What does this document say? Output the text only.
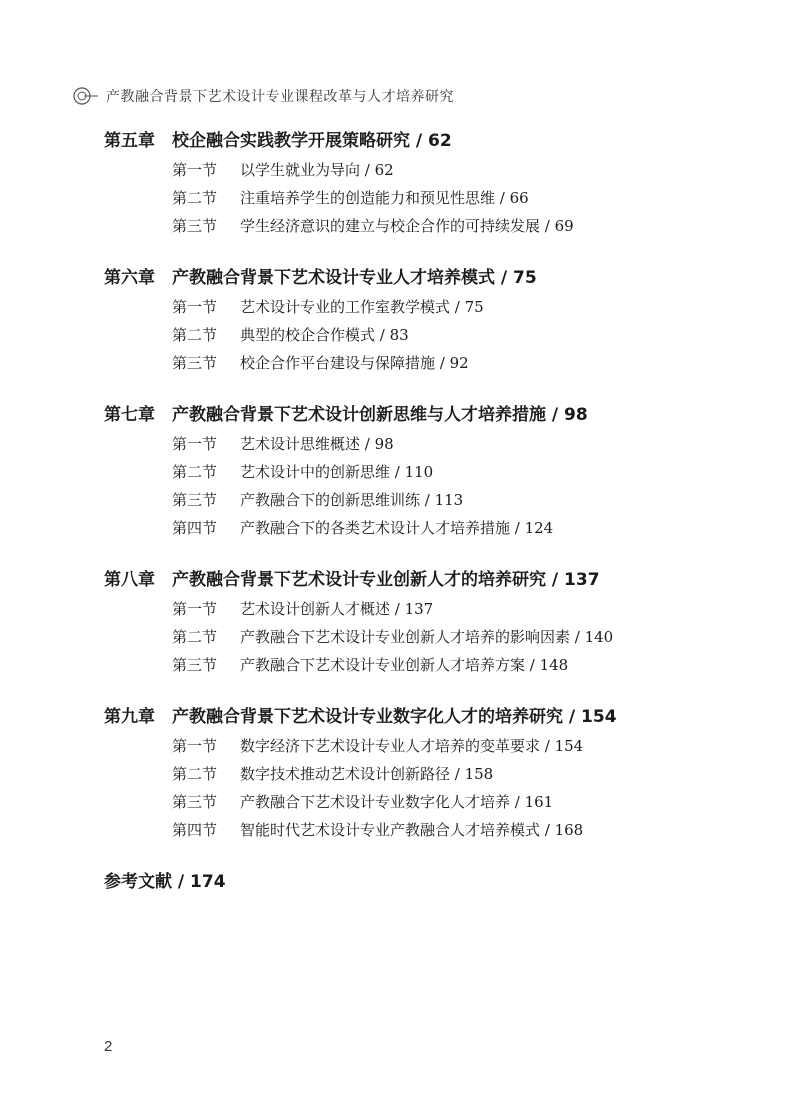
产教融合背景下艺术设计专业课程改革与人才培养研究
第五章	校企融合实践教学开展策略研究 / 62
第一节	以学生就业为导向 / 62
第二节	注重培养学生的创造能力和预见性思维 / 66
第三节	学生经济意识的建立与校企合作的可持续发展 / 69
第六章	产教融合背景下艺术设计专业人才培养模式 / 75
第一节	艺术设计专业的工作室教学模式 / 75
第二节	典型的校企合作模式 / 83
第三节	校企合作平台建设与保障措施 / 92
第七章	产教融合背景下艺术设计创新思维与人才培养措施 / 98
第一节	艺术设计思维概述 / 98
第二节	艺术设计中的创新思维 / 110
第三节	产教融合下的创新思维训练 / 113
第四节	产教融合下的各类艺术设计人才培养措施 / 124
第八章	产教融合背景下艺术设计专业创新人才的培养研究 / 137
第一节	艺术设计创新人才概述 / 137
第二节	产教融合下艺术设计专业创新人才培养的影响因素 / 140
第三节	产教融合下艺术设计专业创新人才培养方案 / 148
第九章	产教融合背景下艺术设计专业数字化人才的培养研究 / 154
第一节	数字经济下艺术设计专业人才培养的变革要求 / 154
第二节	数字技术推动艺术设计创新路径 / 158
第三节	产教融合下艺术设计专业数字化人才培养 / 161
第四节	智能时代艺术设计专业产教融合人才培养模式 / 168
参考文献 / 174
2
